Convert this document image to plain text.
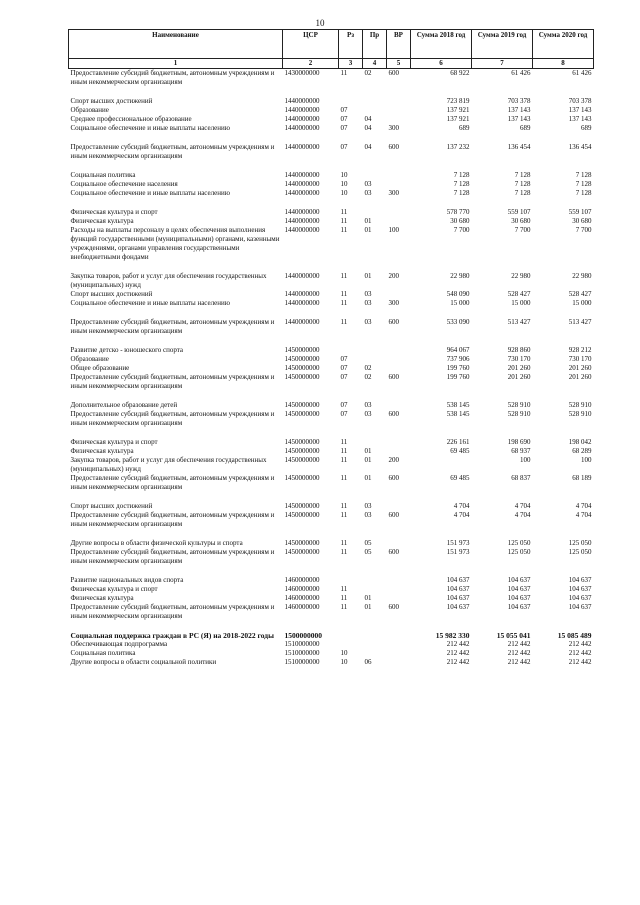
10
Наименование	ЦСР	Рз	Пр	ВР	Сумма 2018 год	Сумма 2019 год	Сумма 2020 год
1	2	3	4	5	6	7	8
Предоставление субсидий бюджетным, автономным учреждениям и иным некоммерческим организациям	1430000000	11	02	600	68 922	61 426	61 426

Спорт высших достижений	1440000000				723 819	703 378	703 378
Образование	1440000000	07			137 921	137 143	137 143
Среднее профессиональное образование	1440000000	07	04		137 921	137 143	137 143
Социальное обеспечение и иные выплаты населению	1440000000	07	04	300	689	689	689

Предоставление субсидий бюджетным, автономным учреждениям и иным некоммерческим организациям	1440000000	07	04	600	137 232	136 454	136 454

Социальная политика	1440000000	10			7 128	7 128	7 128
Социальное обеспечение населения	1440000000	10	03		7 128	7 128	7 128
Социальное обеспечение и иные выплаты населению	1440000000	10	03	300	7 128	7 128	7 128

Физическая культура и спорт	1440000000	11			578 770	559 107	559 107
Физическая культура	1440000000	11	01		30 680	30 680	30 680
Расходы на выплаты персоналу в целях обеспечения выполнения функций государственными (муниципальными) органами, казенными учреждениями, органами управления государственными внебюджетными фондами	1440000000	11	01	100	7 700	7 700	7 700

Закупка товаров, работ и услуг для обеспечения государственных (муниципальных) нужд	1440000000	11	01	200	22 980	22 980	22 980
Спорт высших достижений	1440000000	11	03		548 090	528 427	528 427
Социальное обеспечение и иные выплаты населению	1440000000	11	03	300	15 000	15 000	15 000

Предоставление субсидий бюджетным, автономным учреждениям и иным некоммерческим организациям	1440000000	11	03	600	533 090	513 427	513 427

Развитие детско - юношеского спорта	1450000000				964 067	928 860	928 212
Образование	1450000000	07			737 906	730 170	730 170
Общее образование	1450000000	07	02		199 760	201 260	201 260
Предоставление субсидий бюджетным, автономным учреждениям и иным некоммерческим организациям	1450000000	07	02	600	199 760	201 260	201 260

Дополнительное образование детей	1450000000	07	03		538 145	528 910	528 910
Предоставление субсидий бюджетным, автономным учреждениям и иным некоммерческим организациям	1450000000	07	03	600	538 145	528 910	528 910

Физическая культура и спорт	1450000000	11			226 161	198 690	198 042
Физическая культура	1450000000	11	01		69 485	68 937	68 289
Закупка товаров, работ и услуг для обеспечения государственных (муниципальных) нужд	1450000000	11	01	200		100	100
Предоставление субсидий бюджетным, автономным учреждениям и иным некоммерческим организациям	1450000000	11	01	600	69 485	68 837	68 189

Спорт высших достижений	1450000000	11	03		4 704	4 704	4 704
Предоставление субсидий бюджетным, автономным учреждениям и иным некоммерческим организациям	1450000000	11	03	600	4 704	4 704	4 704

Другие вопросы в области физической культуры и спорта	1450000000	11	05		151 973	125 050	125 050
Предоставление субсидий бюджетным, автономным учреждениям и иным некоммерческим организациям	1450000000	11	05	600	151 973	125 050	125 050

Развитие национальных видов спорта	1460000000				104 637	104 637	104 637
Физическая культура и спорт	1460000000	11			104 637	104 637	104 637
Физическая культура	1460000000	11	01		104 637	104 637	104 637
Предоставление субсидий бюджетным, автономным учреждениям и иным некоммерческим организациям	1460000000	11	01	600	104 637	104 637	104 637

Социальная поддержка граждан в РС (Я) на 2018-2022 годы	1500000000				15 982 330	15 055 041	15 085 489
Обеспечивающая подпрограмма	1510000000				212 442	212 442	212 442
Социальная политика	1510000000	10			212 442	212 442	212 442
Другие вопросы в области социальной политики	1510000000	10	06		212 442	212 442	212 442
